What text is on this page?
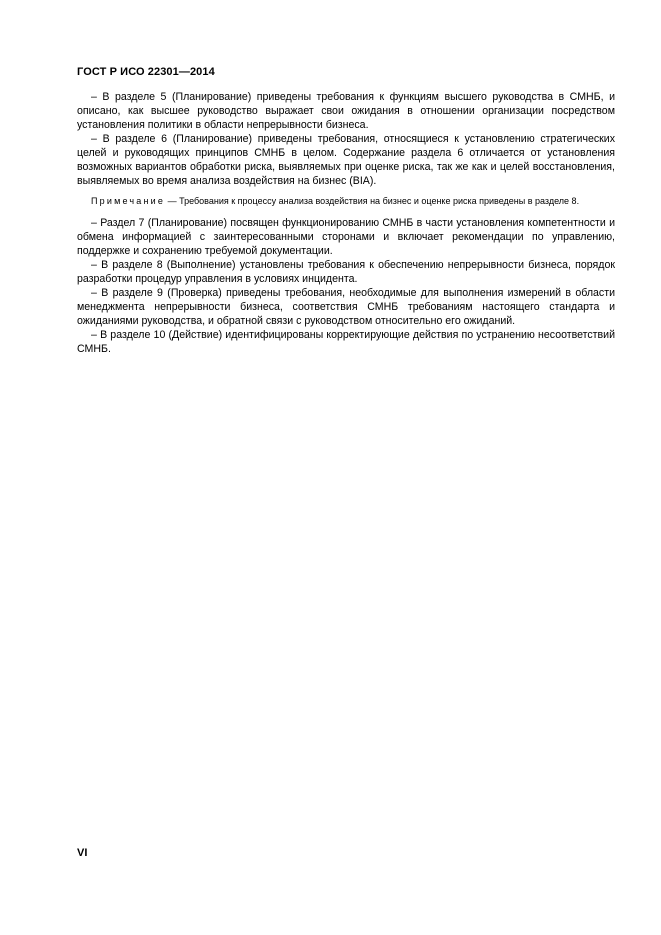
ГОСТ Р ИСО 22301—2014

– В разделе 5 (Планирование) приведены требования к функциям высшего руководства в СМНБ, и описано, как высшее руководство выражает свои ожидания в отношении организации посредством установления политики в области непрерывности бизнеса.

– В разделе 6 (Планирование) приведены требования, относящиеся к установлению стратегических целей и руководящих принципов СМНБ в целом. Содержание раздела 6 отличается от установления возможных вариантов обработки риска, выявляемых при оценке риска, так же как и целей восстановления, выявляемых во время анализа воздействия на бизнес (BIA).

Примечание — Требования к процессу анализа воздействия на бизнес и оценке риска приведены в разделе 8.

– Раздел 7 (Планирование) посвящен функционированию СМНБ в части установления компетентности и обмена информацией с заинтересованными сторонами и включает рекомендации по управлению, поддержке и сохранению требуемой документации.

– В разделе 8 (Выполнение) установлены требования к обеспечению непрерывности бизнеса, порядок разработки процедур управления в условиях инцидента.

– В разделе 9 (Проверка) приведены требования, необходимые для выполнения измерений в области менеджмента непрерывности бизнеса, соответствия СМНБ требованиям настоящего стандарта и ожиданиями руководства, и обратной связи с руководством относительно его ожиданий.

– В разделе 10 (Действие) идентифицированы корректирующие действия по устранению несоответствий СМНБ.

VI
